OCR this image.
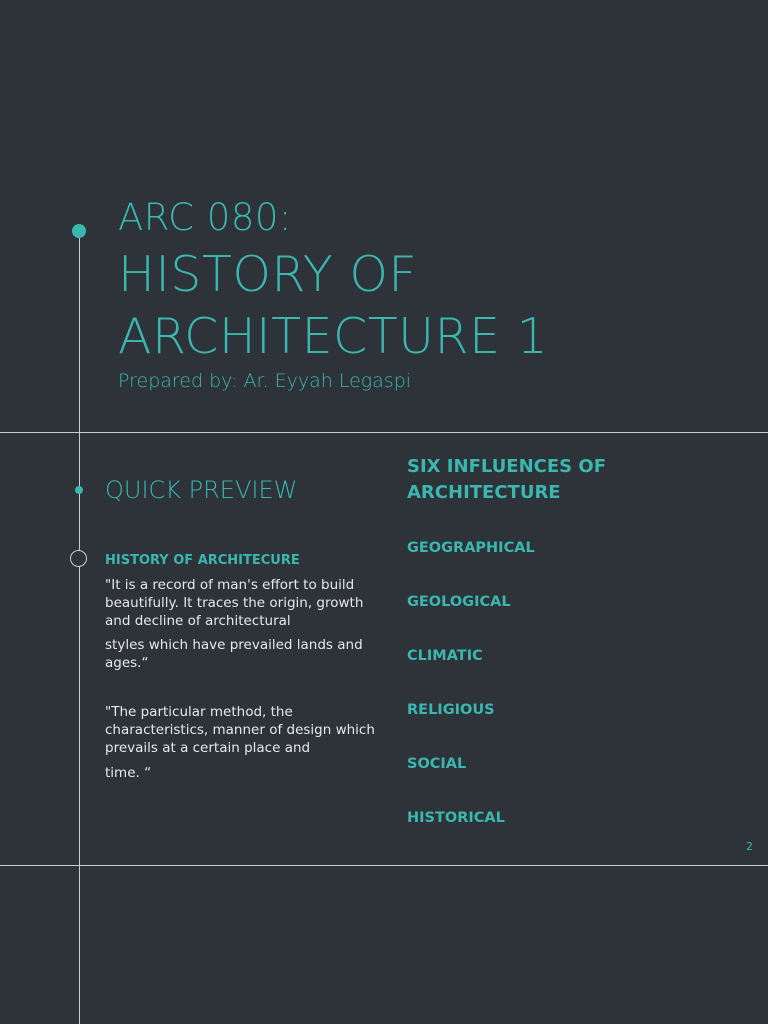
ARC 080:
HISTORY OF ARCHITECTURE 1
Prepared by: Ar. Eyyah Legaspi
QUICK PREVIEW
HISTORY OF ARCHITECURE
"It is a record of man's effort to build beautifully. It traces the origin, growth and decline of architectural
styles which have prevailed lands and ages.“
"The particular method, the characteristics, manner of design which prevails at a certain place and
time. “
SIX INFLUENCES OF ARCHITECTURE
GEOGRAPHICAL
GEOLOGICAL
CLIMATIC
RELIGIOUS
SOCIAL
HISTORICAL
2
